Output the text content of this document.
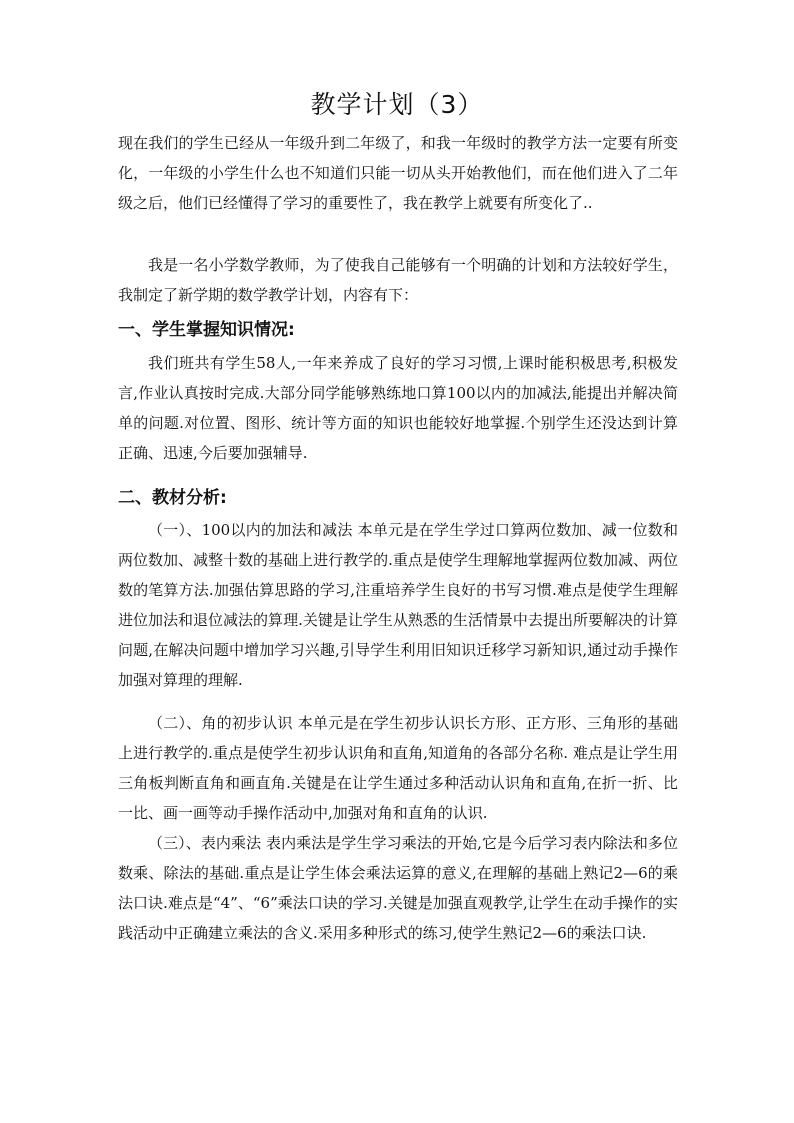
教学计划（3）

现在我们的学生已经从一年级升到二年级了，和我一年级时的教学方法一定要有所变化，一年级的小学生什么也不知道们只能一切从头开始教他们，而在他们进入了二年级之后，他们已经懂得了学习的重要性了，我在教学上就要有所变化了..

我是一名小学数学教师，为了使我自己能够有一个明确的计划和方法较好学生，我制定了新学期的数学教学计划，内容有下：

一、学生掌握知识情况:

我们班共有学生58人,一年来养成了良好的学习习惯,上课时能积极思考,积极发言,作业认真按时完成.大部分同学能够熟练地口算100以内的加减法,能提出并解决简单的问题.对位置、图形、统计等方面的知识也能较好地掌握.个别学生还没达到计算正确、迅速,今后要加强辅导.

二、教材分析:

（一）、100以内的加法和减法 本单元是在学生学过口算两位数加、减一位数和两位数加、减整十数的基础上进行教学的.重点是使学生理解地掌握两位数加减、两位数的笔算方法.加强估算思路的学习,注重培养学生良好的书写习惯.难点是使学生理解进位加法和退位减法的算理.关键是让学生从熟悉的生活情景中去提出所要解决的计算问题,在解决问题中增加学习兴趣,引导学生利用旧知识迁移学习新知识,通过动手操作加强对算理的理解.

（二）、角的初步认识 本单元是在学生初步认识长方形、正方形、三角形的基础上进行教学的.重点是使学生初步认识角和直角,知道角的各部分名称. 难点是让学生用三角板判断直角和画直角.关键是在让学生通过多种活动认识角和直角,在折一折、比一比、画一画等动手操作活动中,加强对角和直角的认识.

（三）、表内乘法 表内乘法是学生学习乘法的开始,它是今后学习表内除法和多位数乘、除法的基础.重点是让学生体会乘法运算的意义,在理解的基础上熟记2—6的乘法口诀.难点是“4”、“6”乘法口诀的学习.关键是加强直观教学,让学生在动手操作的实践活动中正确建立乘法的含义.采用多种形式的练习,使学生熟记2—6的乘法口诀.
